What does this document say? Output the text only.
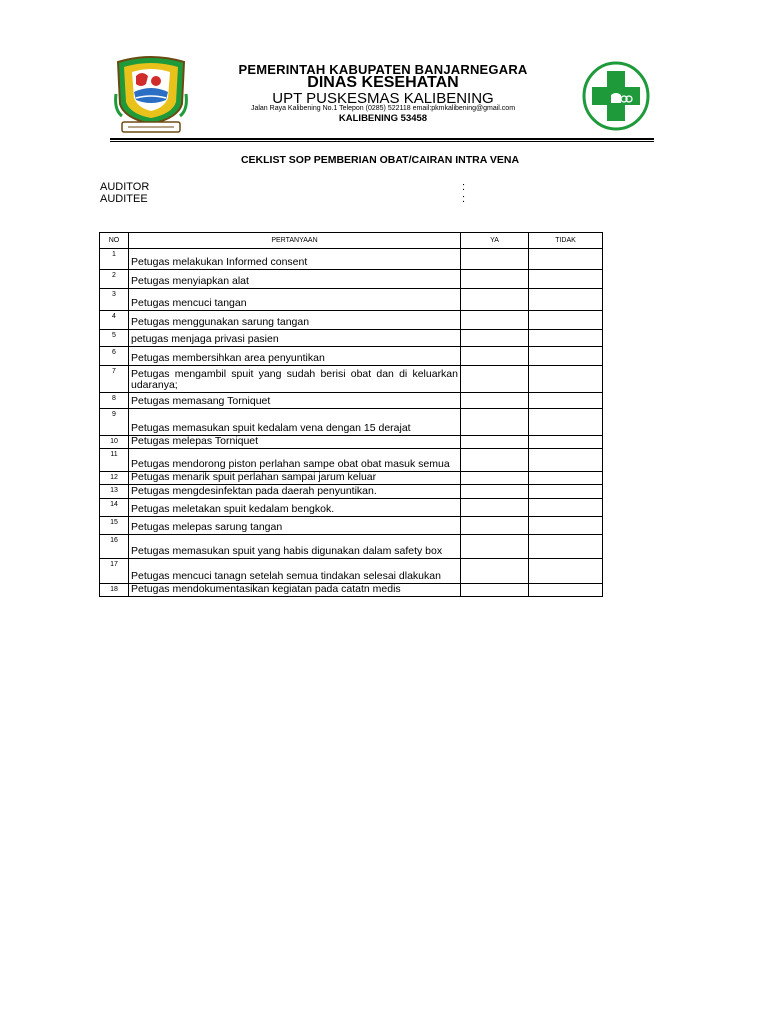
PEMERINTAH KABUPATEN BANJARNEGARA
DINAS KESEHATAN
UPT PUSKESMAS KALIBENING
Jalan Raya Kalibening No.1 Telepon (0285) 522118 email:pkmkalibening@gmail.com
KALIBENING 53458
CEKLIST SOP PEMBERIAN OBAT/CAIRAN INTRA VENA
AUDITOR	:
AUDITEE	:
NO	PERTANYAAN	YA	TIDAK
1	Petugas melakukan Informed consent		
2	Petugas menyiapkan alat		
3	Petugas mencuci tangan		
4	Petugas menggunakan sarung tangan		
5	petugas menjaga privasi pasien		
6	Petugas membersihkan area penyuntikan		
7	Petugas mengambil spuit yang sudah berisi obat dan di keluarkan udaranya;		
8	Petugas memasang Torniquet		
9	Petugas memasukan spuit kedalam vena dengan 15 derajat		
10	Petugas melepas Torniquet		
11	Petugas mendorong piston perlahan sampe obat obat masuk semua		
12	Petugas menarik spuit perlahan sampai jarum keluar		
13	Petugas mengdesinfektan pada daerah penyuntikan.		
14	Petugas meletakan spuit kedalam bengkok.		
15	Petugas melepas sarung tangan		
16	Petugas memasukan spuit yang habis digunakan dalam safety box		
17	Petugas mencuci tanagn setelah semua tindakan selesai dlakukan		
18	Petugas mendokumentasikan kegiatan pada catatn medis		
